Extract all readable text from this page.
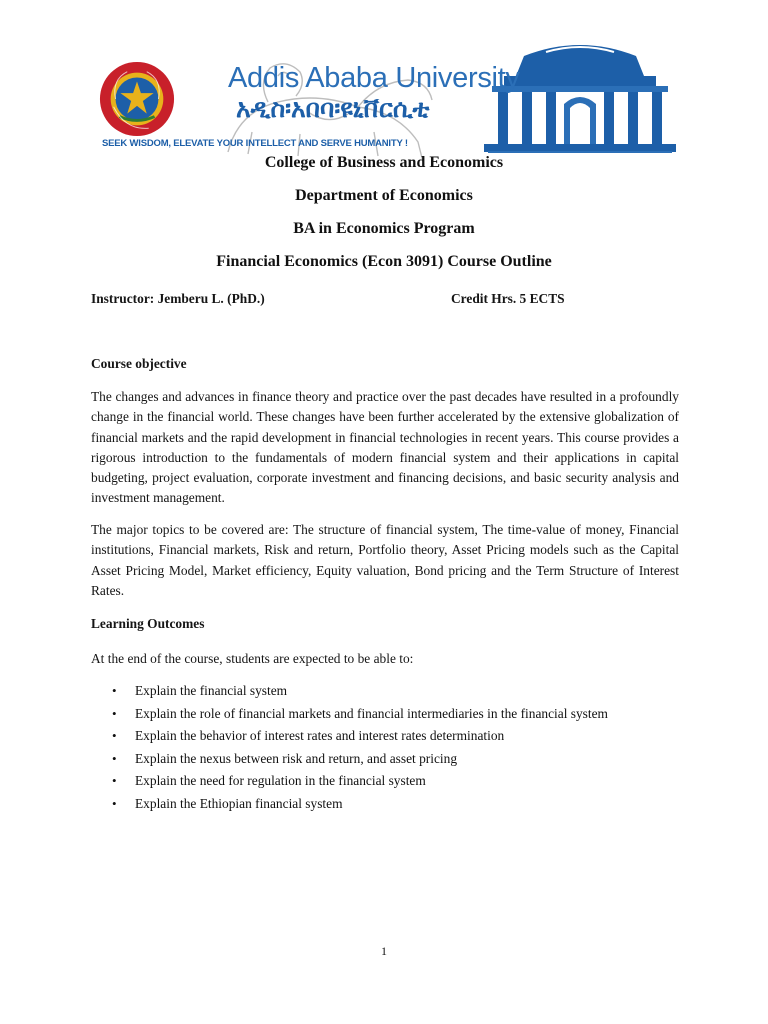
Addis Ababa University
አዲስ፡አበባ፡ዩኒቨርሲቲ
SEEK WISDOM, ELEVATE YOUR INTELLECT AND SERVE HUMANITY !
College of Business and Economics
Department of Economics
BA in Economics Program
Financial Economics (Econ 3091) Course Outline
Instructor: Jemberu L. (PhD.)	Credit Hrs. 5 ECTS
Course objective
The changes and advances in finance theory and practice over the past decades have resulted in a profoundly change in the financial world. These changes have been further accelerated by the extensive globalization of financial markets and the rapid development in financial technologies in recent years. This course provides a rigorous introduction to the fundamentals of modern financial system and their applications in capital budgeting, project evaluation, corporate investment and financing decisions, and basic security analysis and investment management.
The major topics to be covered are: The structure of financial system, The time-value of money, Financial institutions, Financial markets, Risk and return, Portfolio theory, Asset Pricing models such as the Capital Asset Pricing Model, Market efficiency, Equity valuation, Bond pricing and the Term Structure of Interest Rates.
Learning Outcomes
At the end of the course, students are expected to be able to:
• Explain the financial system
• Explain the role of financial markets and financial intermediaries in the financial system
• Explain the behavior of interest rates and interest rates determination
• Explain the nexus between risk and return, and asset pricing
• Explain the need for regulation in the financial system
• Explain the Ethiopian financial system
1
